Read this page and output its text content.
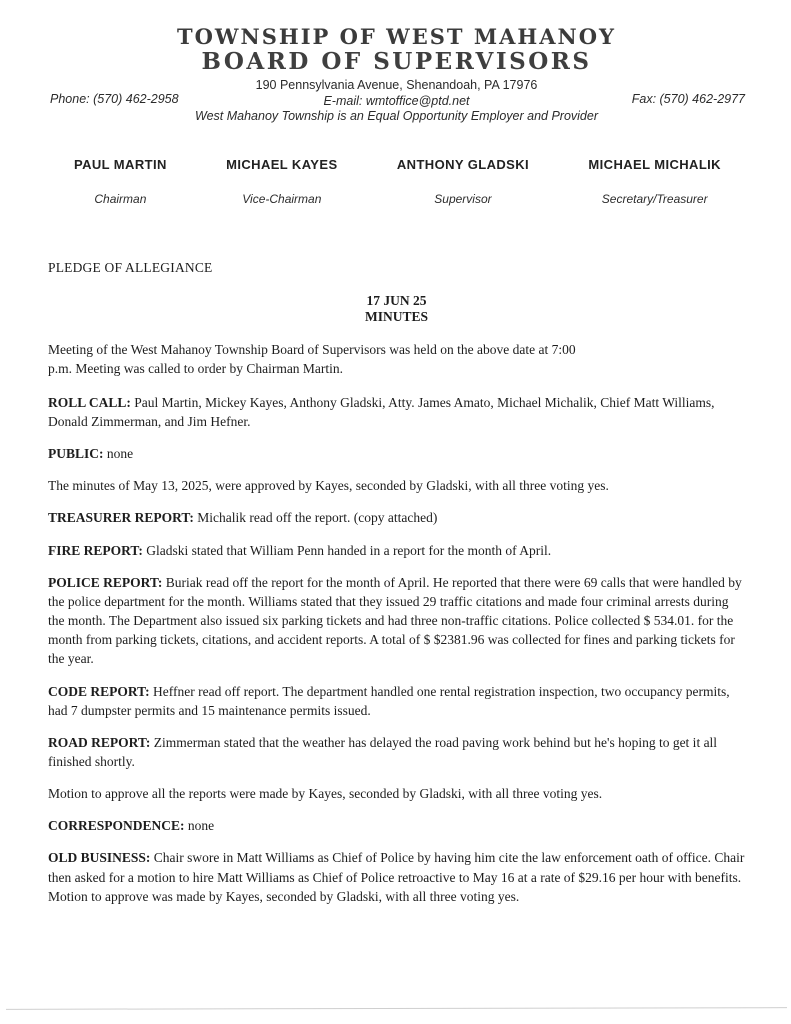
TOWNSHIP OF WEST MAHANOY
BOARD OF SUPERVISORS
190 Pennsylvania Avenue, Shenandoah, PA 17976
E-mail: wmtoffice@ptd.net
West Mahanoy Township is an Equal Opportunity Employer and Provider
Phone: (570) 462-2958	Fax: (570) 462-2977
PAUL MARTIN
Chairman
MICHAEL KAYES
Vice-Chairman
ANTHONY GLADSKI
Supervisor
MICHAEL MICHALIK
Secretary/Treasurer
PLEDGE OF ALLEGIANCE
17 JUN 25
MINUTES

Meeting of the West Mahanoy Township Board of Supervisors was held on the above date at 7:00 p.m. Meeting was called to order by Chairman Martin.

ROLL CALL: Paul Martin, Mickey Kayes, Anthony Gladski, Atty. James Amato, Michael Michalik, Chief Matt Williams, Donald Zimmerman, and Jim Hefner.

PUBLIC: none

The minutes of May 13, 2025, were approved by Kayes, seconded by Gladski, with all three voting yes.

TREASURER REPORT: Michalik read off the report. (copy attached)

FIRE REPORT: Gladski stated that William Penn handed in a report for the month of April.

POLICE REPORT: Buriak read off the report for the month of April. He reported that there were 69 calls that were handled by the police department for the month. Williams stated that they issued 29 traffic citations and made four criminal arrests during the month. The Department also issued six parking tickets and had three non-traffic citations. Police collected $ 534.01. for the month from parking tickets, citations, and accident reports. A total of $ $2381.96 was collected for fines and parking tickets for the year.

CODE REPORT: Heffner read off report. The department handled one rental registration inspection, two occupancy permits, had 7 dumpster permits and 15 maintenance permits issued.

ROAD REPORT: Zimmerman stated that the weather has delayed the road paving work behind but he's hoping to get it all finished shortly.

Motion to approve all the reports were made by Kayes, seconded by Gladski, with all three voting yes.

CORRESPONDENCE: none

OLD BUSINESS: Chair swore in Matt Williams as Chief of Police by having him cite the law enforcement oath of office. Chair then asked for a motion to hire Matt Williams as Chief of Police retroactive to May 16 at a rate of $29.16 per hour with benefits. Motion to approve was made by Kayes, seconded by Gladski, with all three voting yes.
